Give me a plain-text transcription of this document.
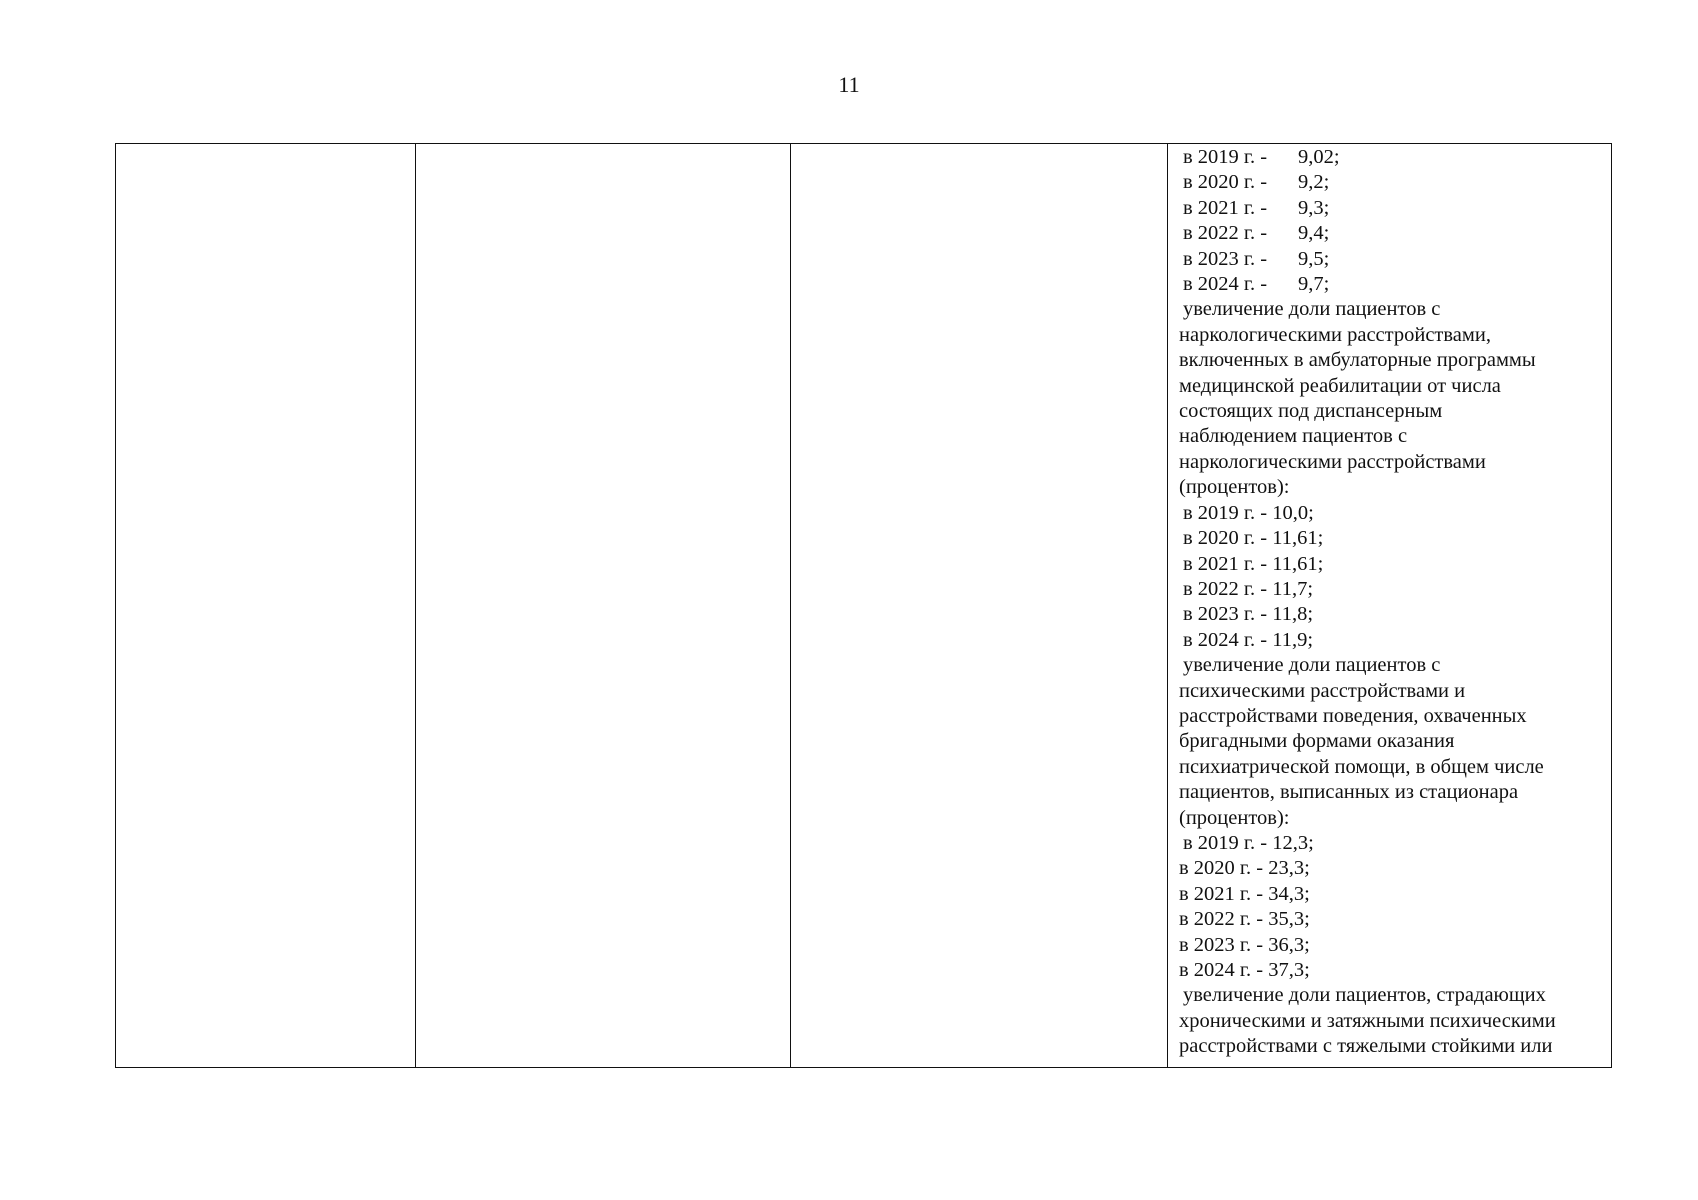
11

в 2019 г. - 9,02;
в 2020 г. - 9,2;
в 2021 г. - 9,3;
в 2022 г. - 9,4;
в 2023 г. - 9,5;
в 2024 г. - 9,7;
увеличение доли пациентов с
наркологическими расстройствами,
включенных в амбулаторные программы
медицинской реабилитации от числа
состоящих под диспансерным
наблюдением пациентов с
наркологическими расстройствами
(процентов):
в 2019 г. - 10,0;
в 2020 г. - 11,61;
в 2021 г. - 11,61;
в 2022 г. - 11,7;
в 2023 г. - 11,8;
в 2024 г. - 11,9;
увеличение доли пациентов с
психическими расстройствами и
расстройствами поведения, охваченных
бригадными формами оказания
психиатрической помощи, в общем числе
пациентов, выписанных из стационара
(процентов):
в 2019 г. - 12,3;
в 2020 г. - 23,3;
в 2021 г. - 34,3;
в 2022 г. - 35,3;
в 2023 г. - 36,3;
в 2024 г. - 37,3;
увеличение доли пациентов, страдающих
хроническими и затяжными психическими
расстройствами с тяжелыми стойкими или
